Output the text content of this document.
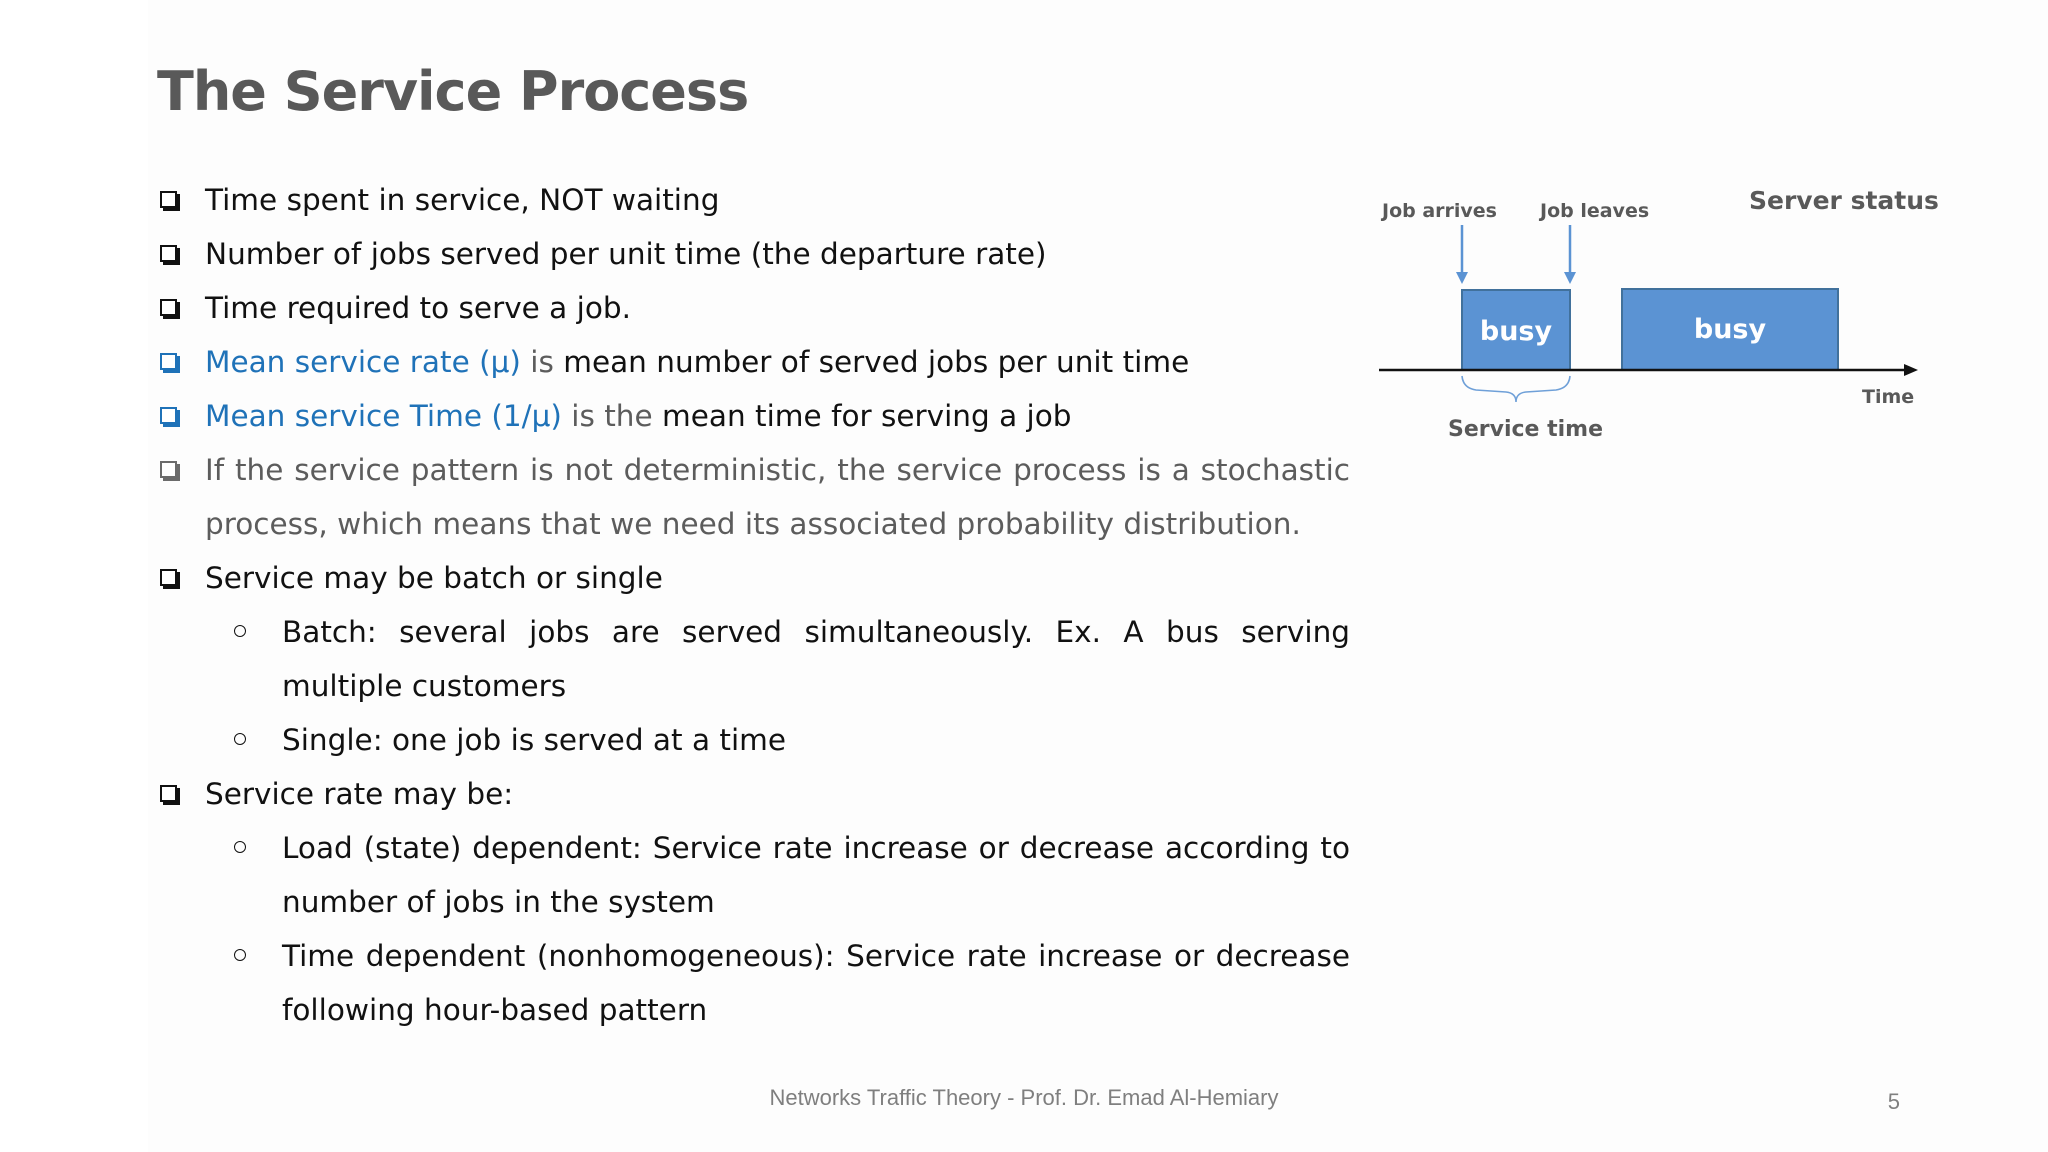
The Service Process
Time spent in service, NOT waiting
Number of jobs served per unit time (the departure rate)
Time required to serve a job.
Mean service rate (μ) is mean number of served jobs per unit time
Mean service Time (1/μ) is the mean time for serving a job
If the service pattern is not deterministic, the service process is a stochastic process, which means that we need its associated probability distribution.
Service may be batch or single
Batch: several jobs are served simultaneously. Ex. A bus serving multiple customers
Single: one job is served at a time
Service rate may be:
Load (state) dependent: Service rate increase or decrease according to number of jobs in the system
Time dependent (nonhomogeneous): Service rate increase or decrease following hour-based pattern
Job arrives Job leaves	Server status
busy	busy
Time
Service time
Networks Traffic Theory - Prof. Dr. Emad Al-Hemiary	5
